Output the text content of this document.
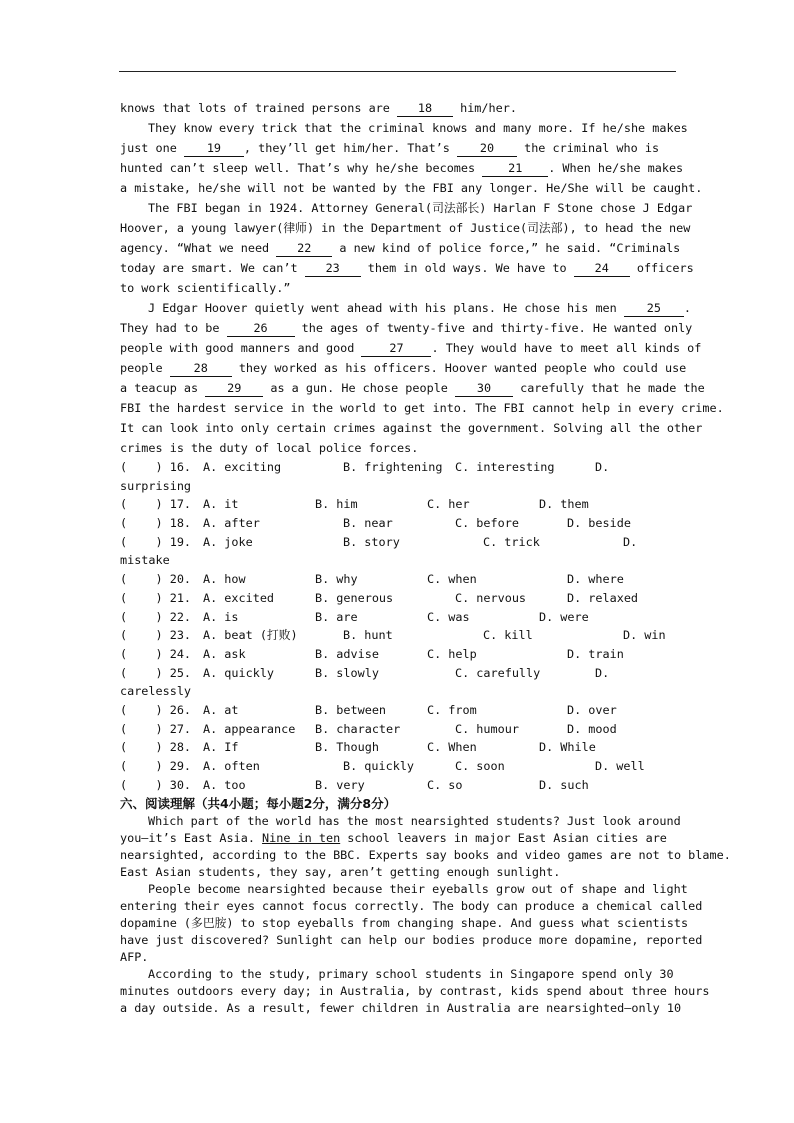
knows that lots of trained persons are 18 him/her.
They know every trick that the criminal knows and many more. If he/she makes
just one 19 , they’ll get him/her. That’s 20 the criminal who is
hunted can’t sleep well. That’s why he/she becomes 21 . When he/she makes
a mistake, he/she will not be wanted by the FBI any longer. He/She will be caught.
The FBI began in 1924. Attorney General(司法部长) Harlan F Stone chose J Edgar
Hoover, a young lawyer(律师) in the Department of Justice(司法部), to head the new
agency. “What we need 22 a new kind of police force,” he said. “Criminals
today are smart. We can’t 23 them in old ways. We have to 24 officers
to work scientifically.”
J Edgar Hoover quietly went ahead with his plans. He chose his men 25 .
They had to be 26 the ages of twenty-five and thirty-five. He wanted only
people with good manners and good 27 . They would have to meet all kinds of
people 28 they worked as his officers. Hoover wanted people who could use
a teacup as 29 as a gun. He chose people 30 carefully that he made the
FBI the hardest service in the world to get into. The FBI cannot help in every crime.
It can look into only certain crimes against the government. Solving all the other
crimes is the duty of local police forces.
(    ) 16. A. exciting	B. frightening C. interesting	D.
surprising
(    ) 17. A. it	B. him	C. her	D. them
(    ) 18. A. after	B. near	C. before	D. beside
(    ) 19. A. joke	B. story	C. trick	D.
mistake
(    ) 20. A. how	B. why	C. when	D. where
(    ) 21. A. excited	B. generous	C. nervous	D. relaxed
(    ) 22. A. is	B. are	C. was	D. were
(    ) 23. A. beat (打败)	B. hunt	C. kill	D. win
(    ) 24. A. ask	B. advise	C. help	D. train
(    ) 25. A. quickly	B. slowly	C. carefully	D.
carelessly
(    ) 26. A. at	B. between	C. from	D. over
(    ) 27. A. appearance B. character	C. humour	D. mood
(    ) 28. A. If	B. Though	C. When	D. While
(    ) 29. A. often	B. quickly	C. soon	D. well
(    ) 30. A. too	B. very	C. so	D. such
六、阅读理解（共4小题；每小题2分，满分8分）
Which part of the world has the most nearsighted students? Just look around
you–it’s East Asia. Nine in ten school leavers in major East Asian cities are
nearsighted, according to the BBC. Experts say books and video games are not to blame.
East Asian students, they say, aren’t getting enough sunlight.
People become nearsighted because their eyeballs grow out of shape and light
entering their eyes cannot focus correctly. The body can produce a chemical called
dopamine (多巴胺) to stop eyeballs from changing shape. And guess what scientists
have just discovered? Sunlight can help our bodies produce more dopamine, reported
AFP.
According to the study, primary school students in Singapore spend only 30
minutes outdoors every day; in Australia, by contrast, kids spend about three hours
a day outside. As a result, fewer children in Australia are nearsighted–only 10
